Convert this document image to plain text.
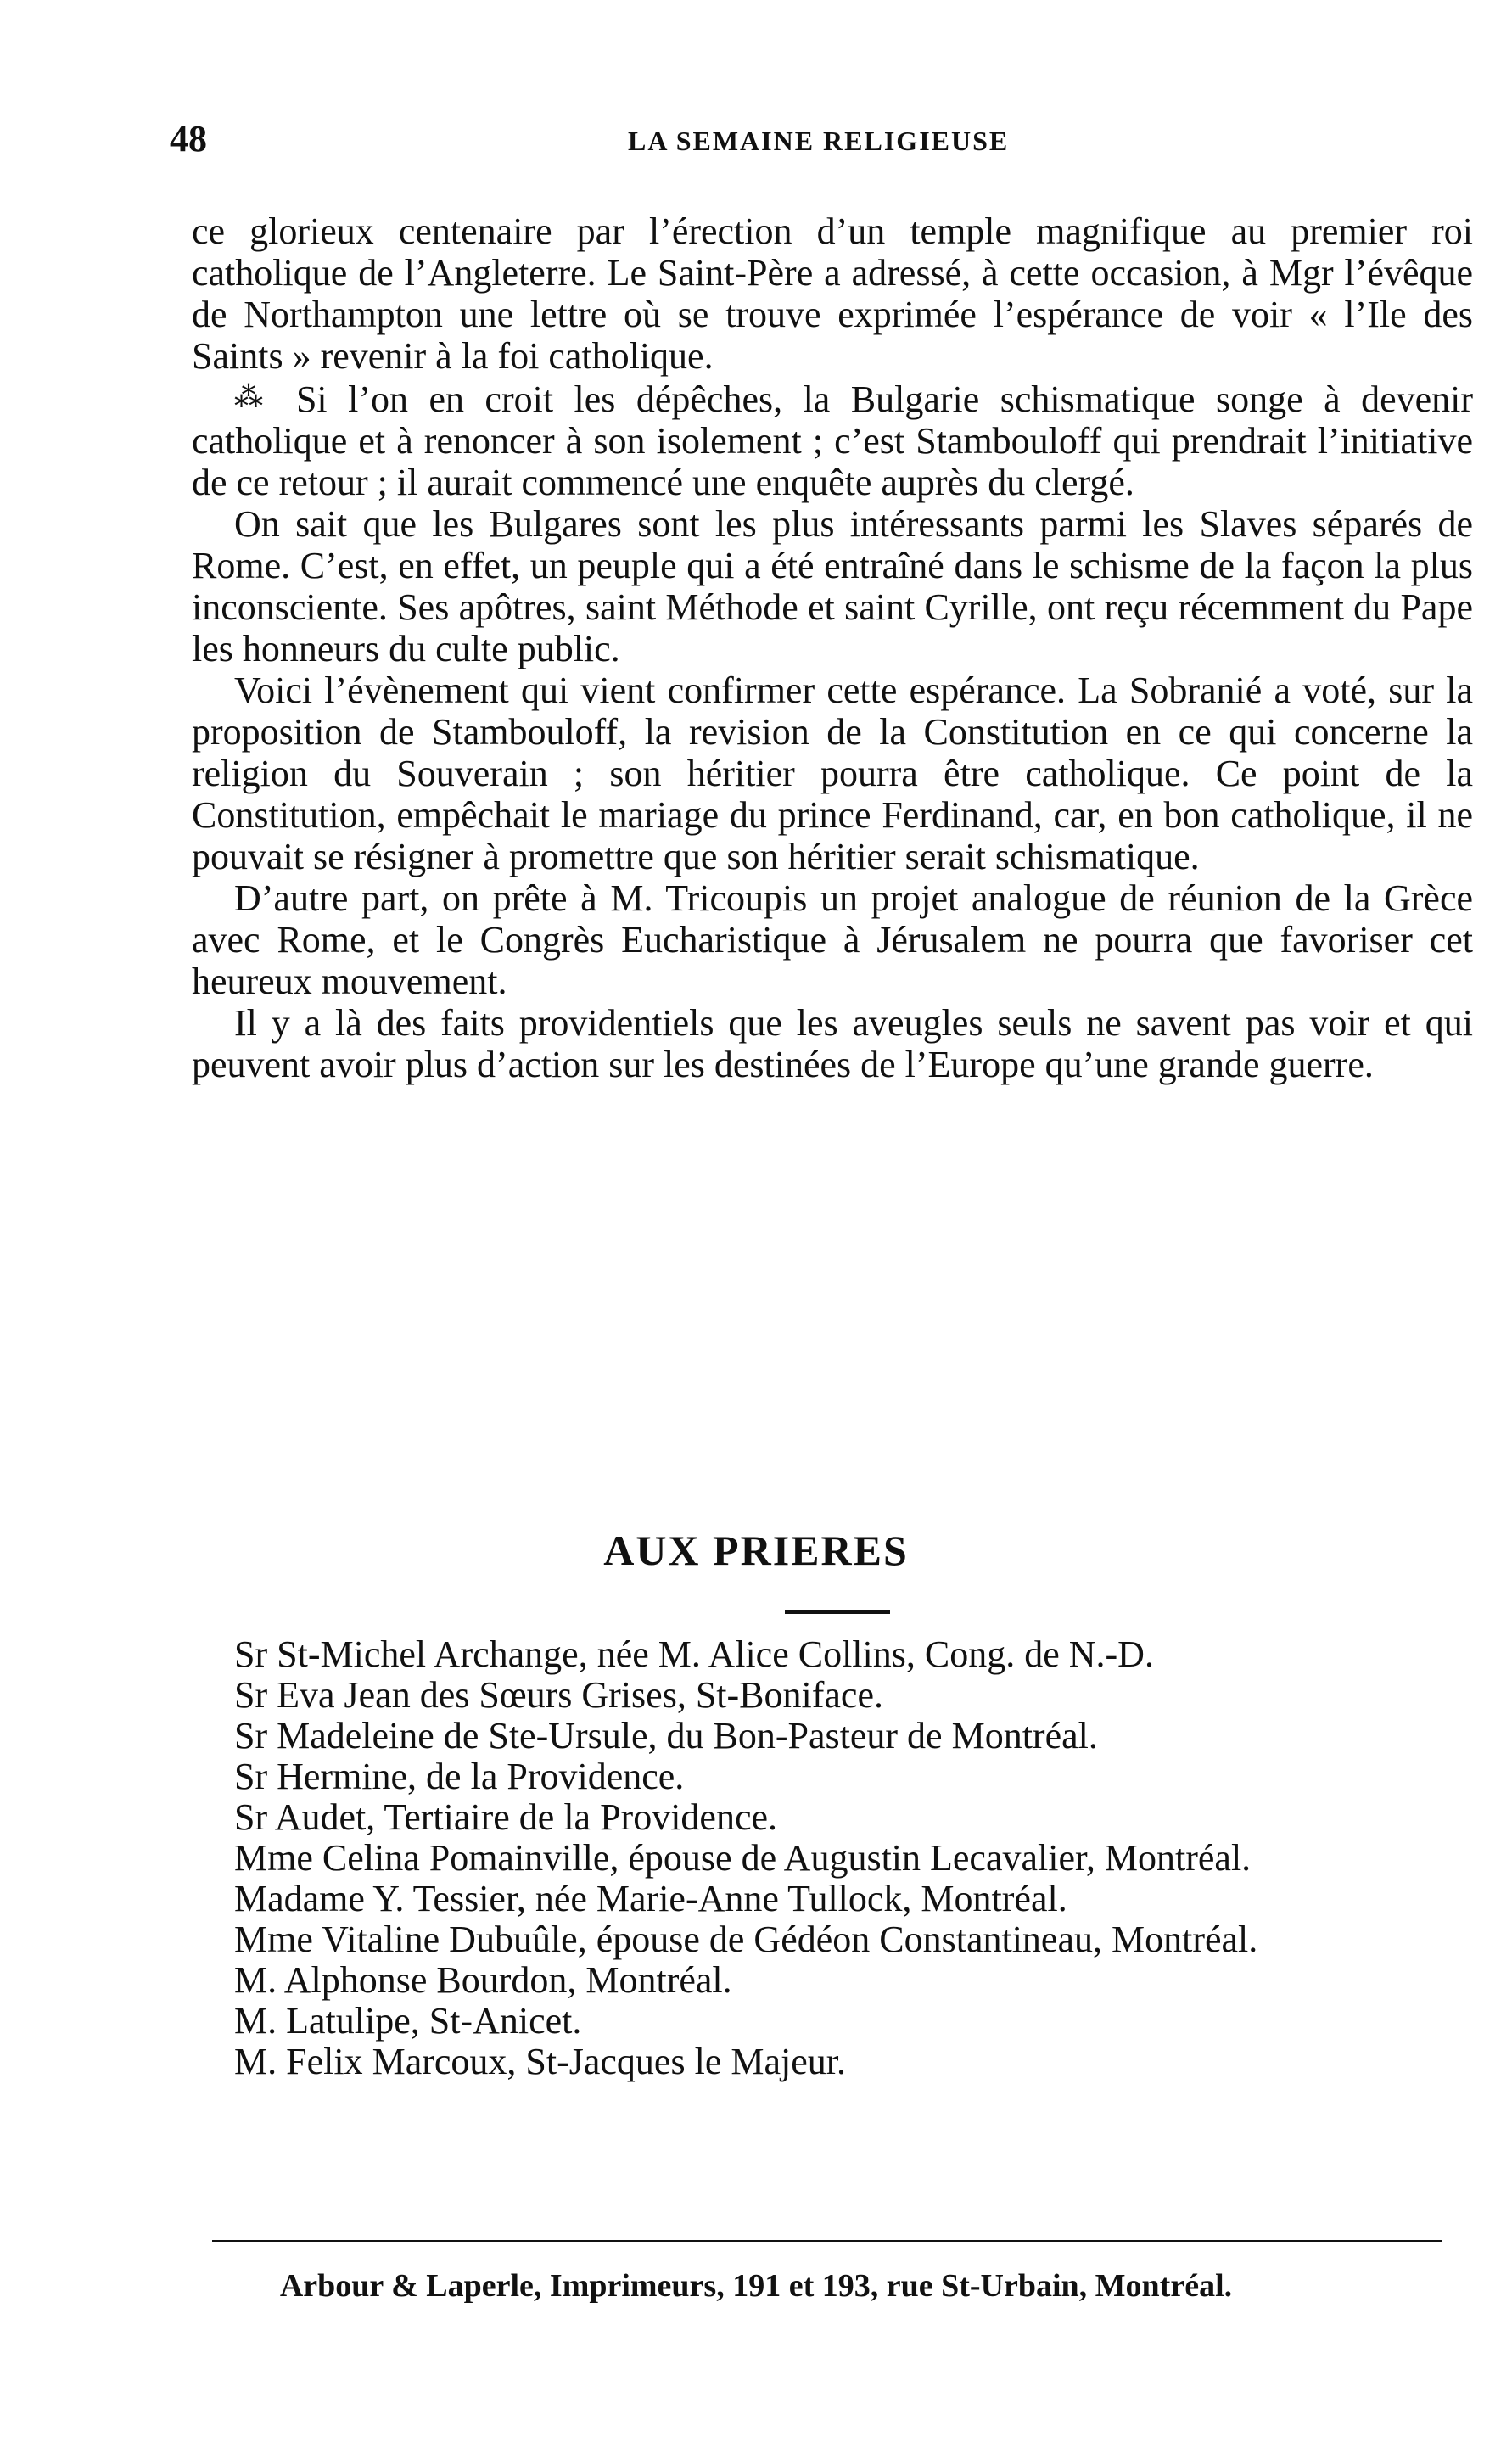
48	LA SEMAINE RELIGIEUSE

ce glorieux centenaire par l’érection d’un temple magnifique au premier roi catholique de l’Angleterre. Le Saint-Père a adressé, à cette occasion, à Mgr l’évêque de Northampton une lettre où se trouve exprimée l’espérance de voir « l’Ile des Saints » revenir à la foi catholique.

⁂ Si l’on en croit les dépêches, la Bulgarie schismatique songe à devenir catholique et à renoncer à son isolement ; c’est Stambouloff qui prendrait l’initiative de ce retour ; il aurait commencé une enquête auprès du clergé.

On sait que les Bulgares sont les plus intéressants parmi les Slaves séparés de Rome. C’est, en effet, un peuple qui a été entraîné dans le schisme de la façon la plus inconsciente. Ses apôtres, saint Méthode et saint Cyrille, ont reçu récemment du Pape les honneurs du culte public.

Voici l’évènement qui vient confirmer cette espérance. La Sobranié a voté, sur la proposition de Stambouloff, la revision de la Constitution en ce qui concerne la religion du Souverain ; son héritier pourra être catholique. Ce point de la Constitution, empêchait le mariage du prince Ferdinand, car, en bon catholique, il ne pouvait se résigner à promettre que son héritier serait schismatique.

D’autre part, on prête à M. Tricoupis un projet analogue de réunion de la Grèce avec Rome, et le Congrès Eucharistique à Jérusalem ne pourra que favoriser cet heureux mouvement.

Il y a là des faits providentiels que les aveugles seuls ne savent pas voir et qui peuvent avoir plus d’action sur les destinées de l’Europe qu’une grande guerre.

AUX PRIERES
Sr St-Michel Archange, née M. Alice Collins, Cong. de N.-D.
Sr Eva Jean des Sœurs Grises, St-Boniface.
Sr Madeleine de Ste-Ursule, du Bon-Pasteur de Montréal.
Sr Hermine, de la Providence.
Sr Audet, Tertiaire de la Providence.
Mme Celina Pomainville, épouse de Augustin Lecavalier, Montréal.
Madame Y. Tessier, née Marie-Anne Tullock, Montréal.
Mme Vitaline Dubuûle, épouse de Gédéon Constantineau, Montréal.
M. Alphonse Bourdon, Montréal.
M. Latulipe, St-Anicet.
M. Felix Marcoux, St-Jacques le Majeur.
Arbour & Laperle, Imprimeurs, 191 et 193, rue St-Urbain, Montréal.
